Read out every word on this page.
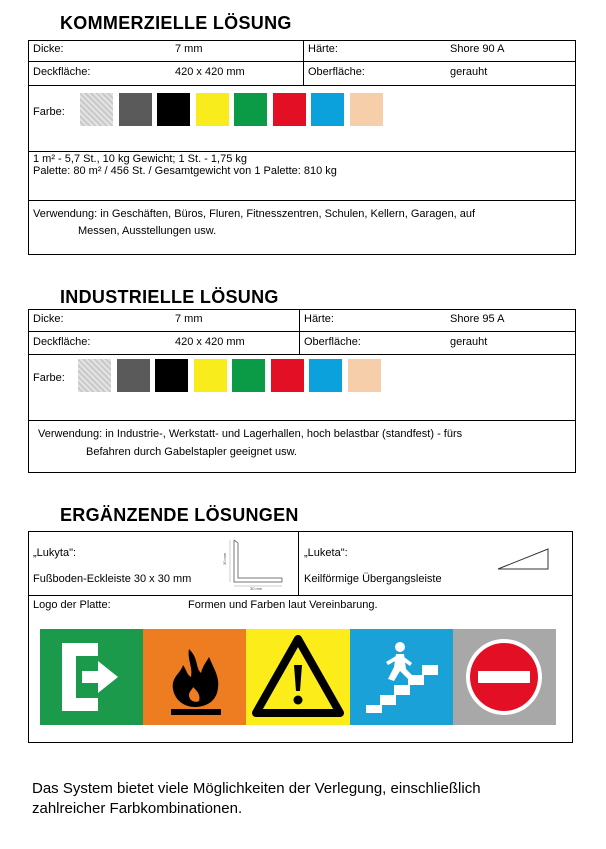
KOMMERZIELLE LÖSUNG
Dicke:	7 mm	Härte:	Shore 90 A
Deckfläche:	420 x 420 mm	Oberfläche:	gerauht
Farbe:
1 m² - 5,7 St., 10 kg Gewicht; 1 St. - 1,75 kg
Palette: 80 m² / 456 St. / Gesamtgewicht von 1 Palette: 810 kg
Verwendung: in Geschäften, Büros, Fluren, Fitnesszentren, Schulen, Kellern, Garagen, auf
Messen, Ausstellungen usw.
INDUSTRIELLE LÖSUNG
Dicke:	7 mm	Härte:	Shore 95 A
Deckfläche:	420 x 420 mm	Oberfläche:	gerauht
Farbe:
Verwendung: in Industrie-, Werkstatt- und Lagerhallen, hoch belastbar (standfest) - fürs
Befahren durch Gabelstapler geeignet usw.
ERGÄNZENDE LÖSUNGEN
„Lukyta":
Fußboden-Eckleiste 30 x 30 mm
30 mm
30 mm
„Luketa":
Keilförmige Übergangsleiste
Logo der Platte:	Formen und Farben laut Vereinbarung.
Das System bietet viele Möglichkeiten der Verlegung, einschließlich
zahlreicher Farbkombinationen.
